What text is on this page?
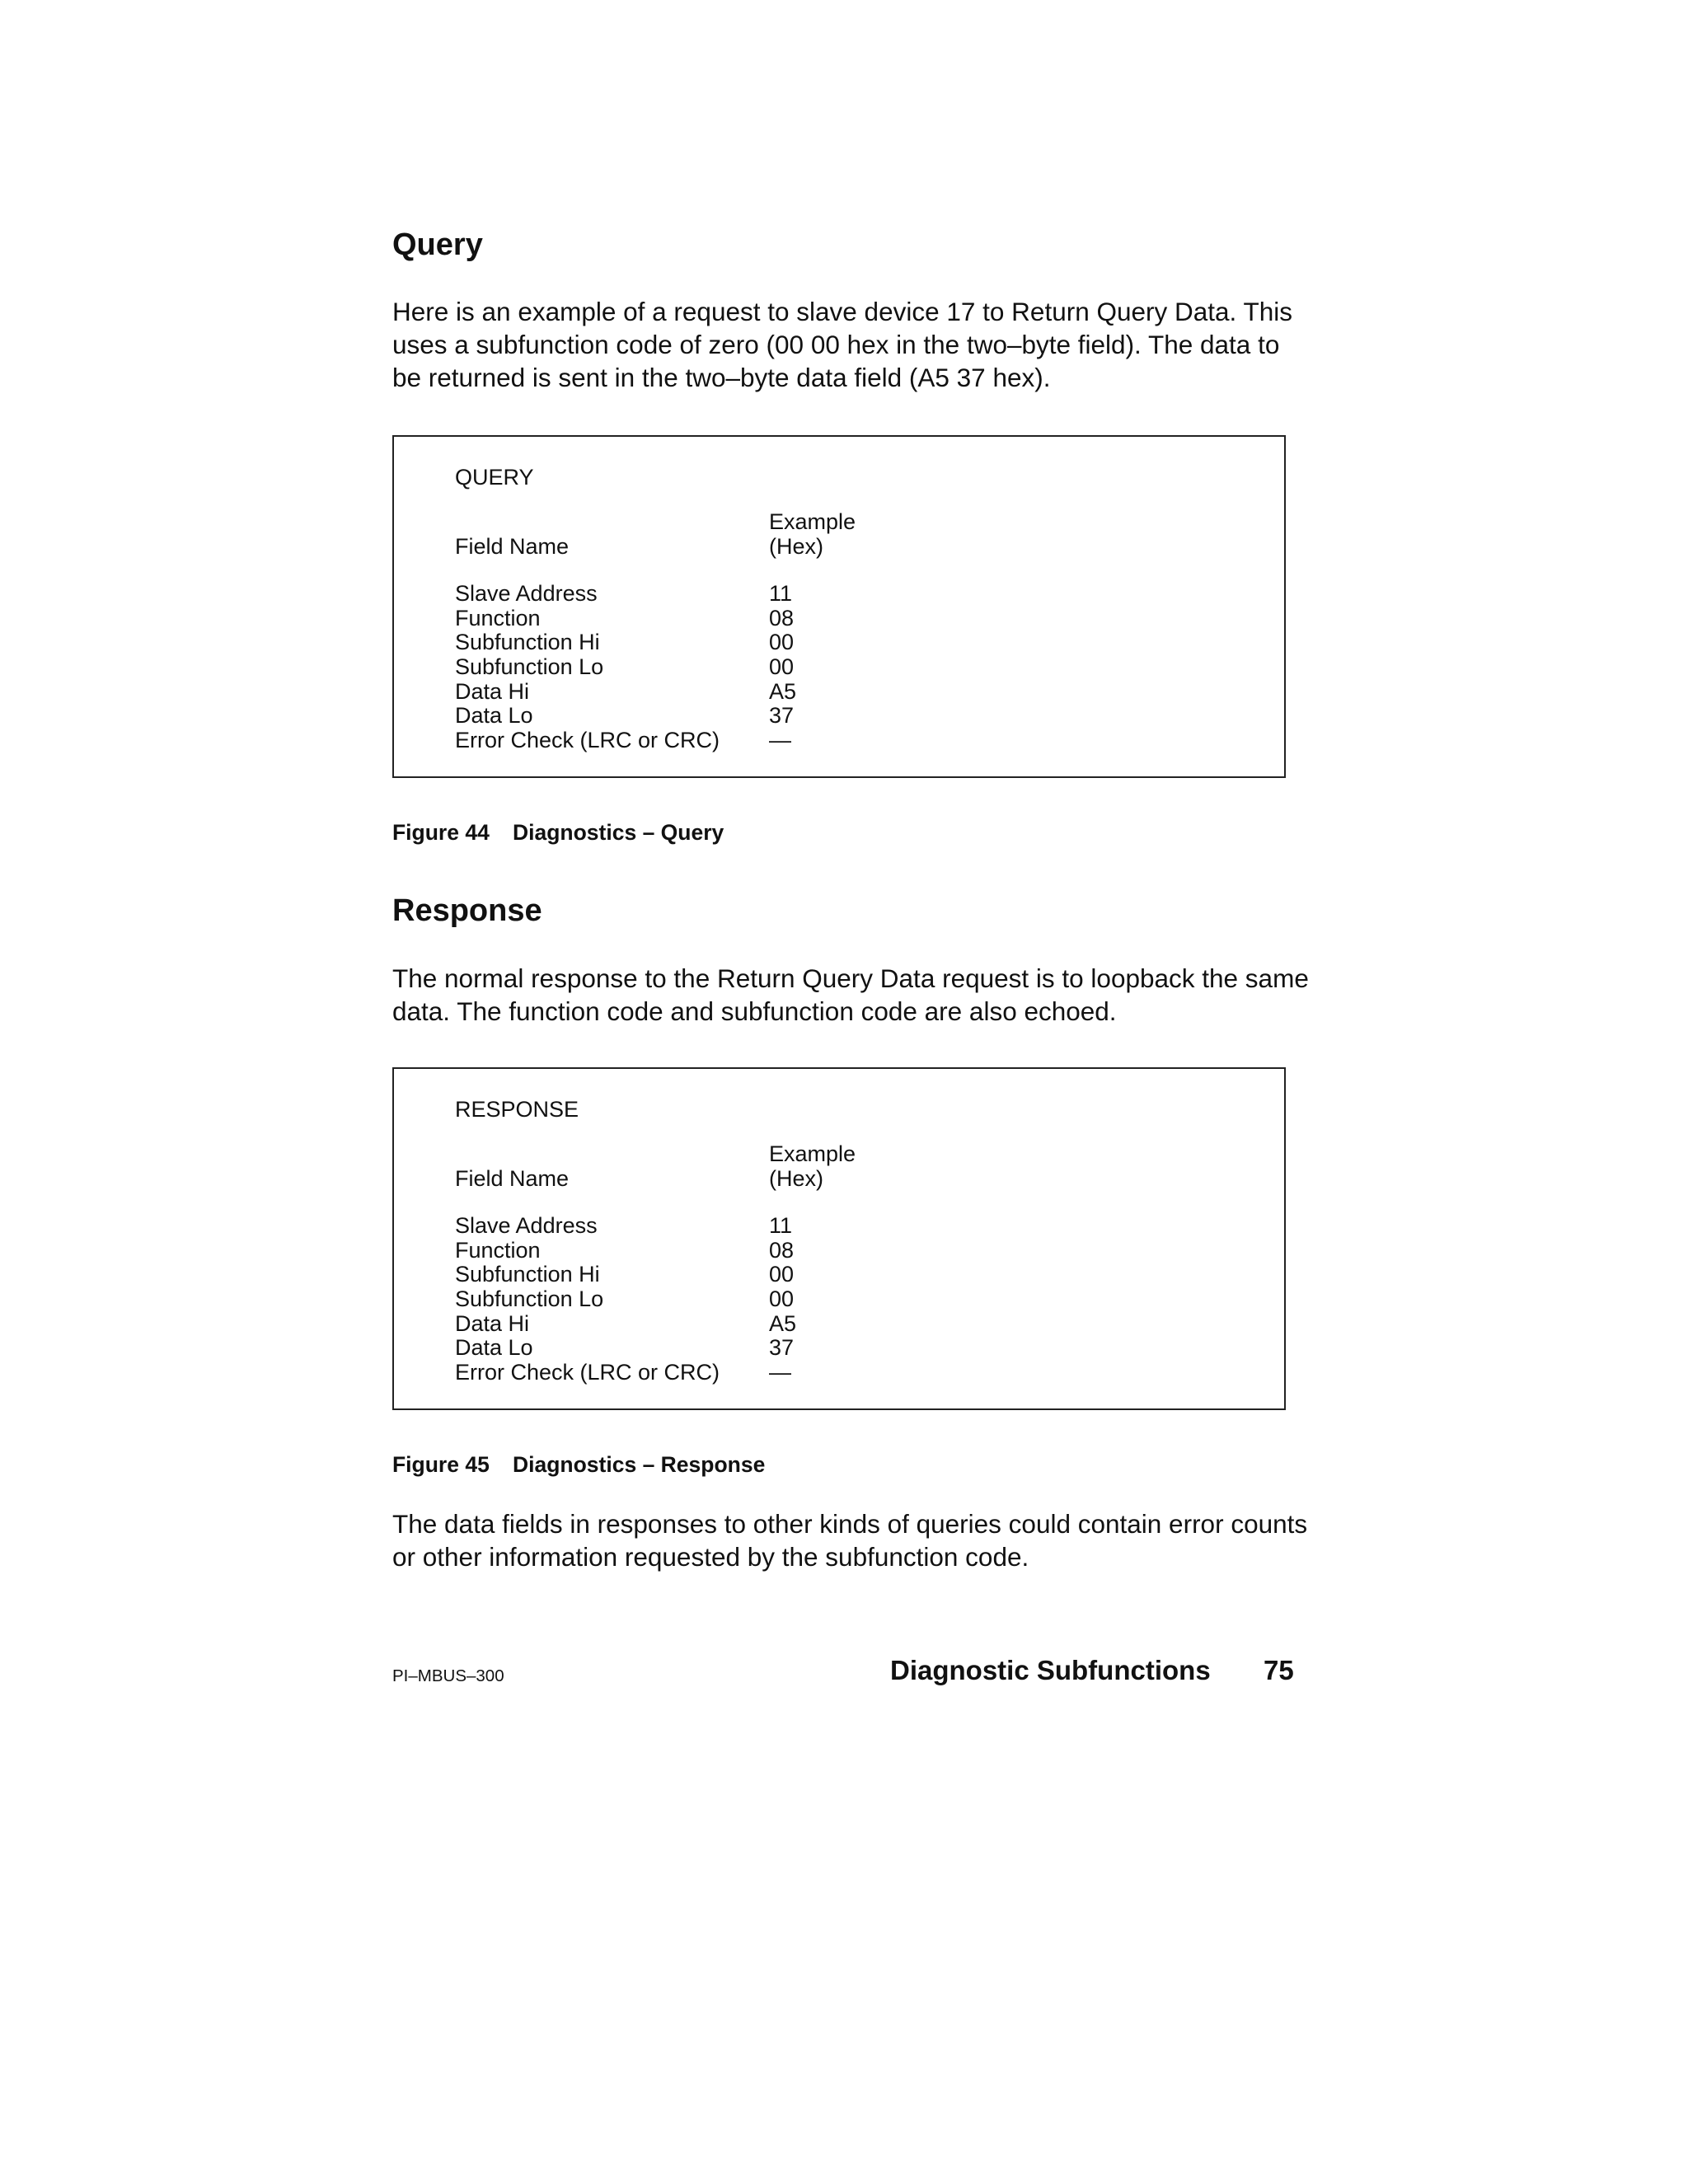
Query

Here is an example of a request to slave device 17 to Return Query Data. This uses a subfunction code of zero (00 00 hex in the two–byte field). The data to be returned is sent in the two–byte data field (A5 37 hex).

QUERY
Example
Field Name	(Hex)
Slave Address	11
Function	08
Subfunction Hi	00
Subfunction Lo	00
Data Hi	A5
Data Lo	37
Error Check (LRC or CRC) —
Figure 44 Diagnostics – Query
Response

The normal response to the Return Query Data request is to loopback the same data. The function code and subfunction code are also echoed.

RESPONSE
Example
Field Name	(Hex)
Slave Address	11
Function	08
Subfunction Hi	00
Subfunction Lo	00
Data Hi	A5
Data Lo	37
Error Check (LRC or CRC) —
Figure 45 Diagnostics – Response

The data fields in responses to other kinds of queries could contain error counts or other information requested by the subfunction code.

PI–MBUS–300	Diagnostic Subfunctions 75
